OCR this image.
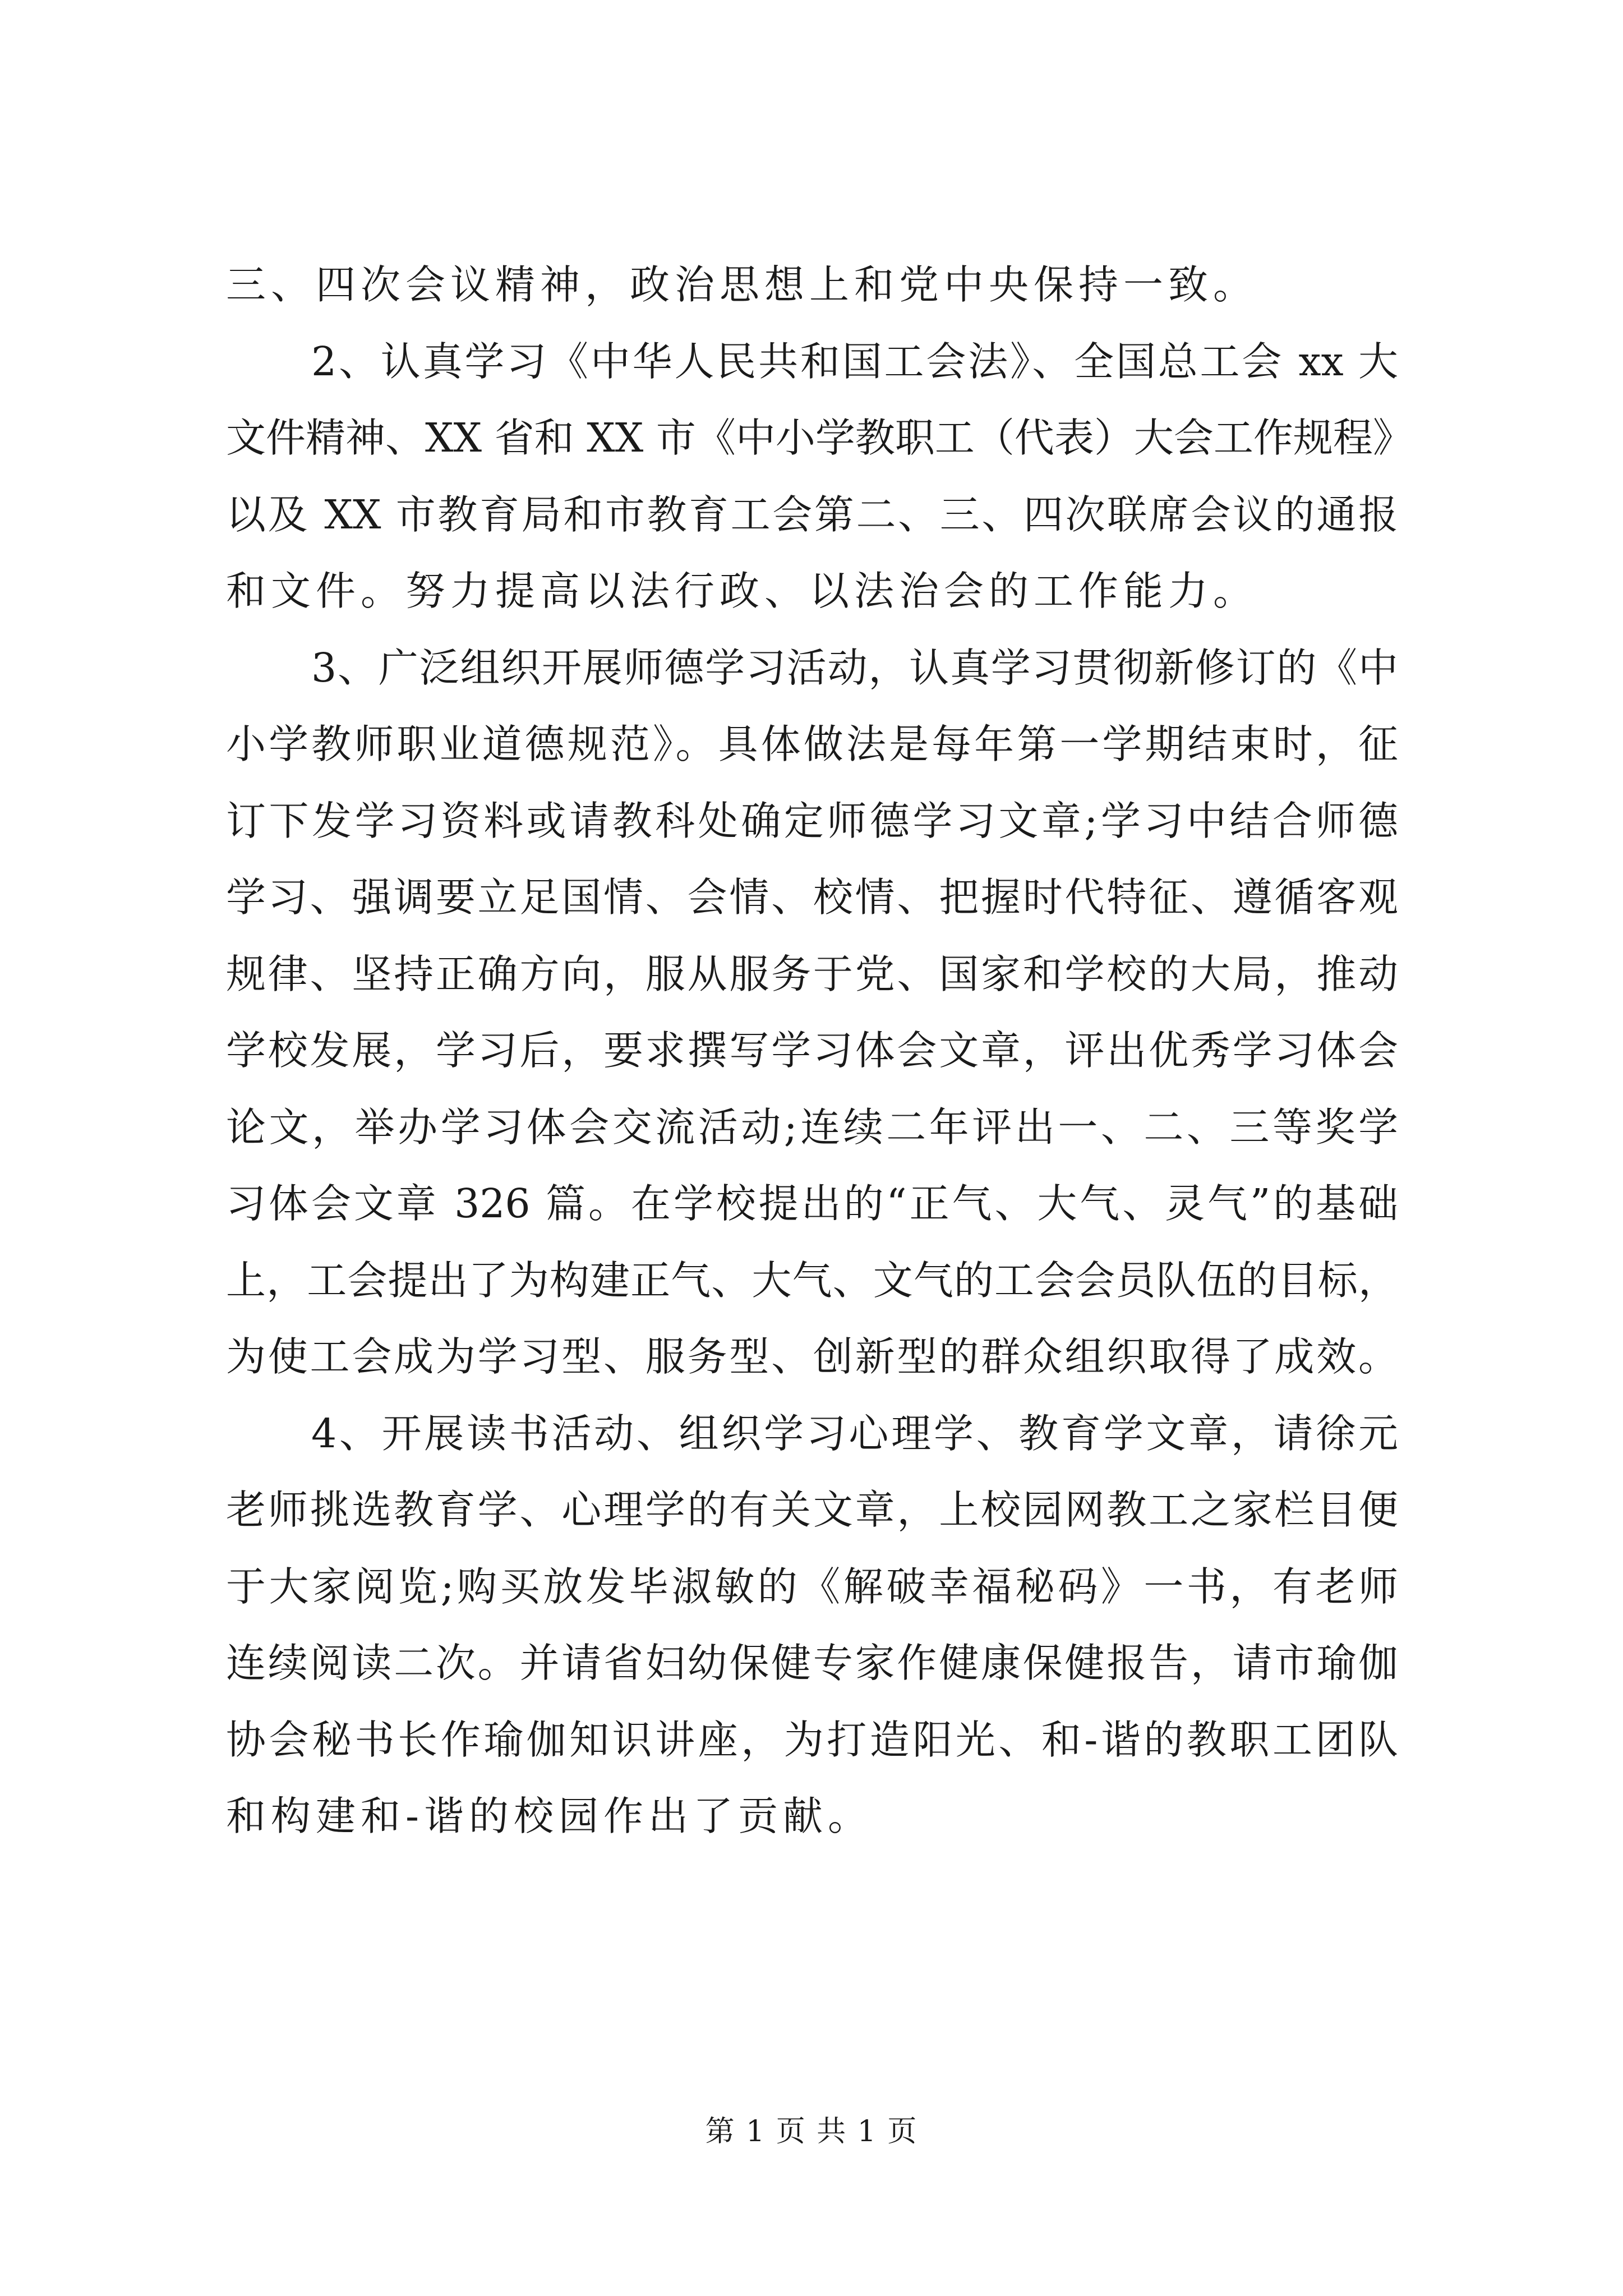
三、四次会议精神，政治思想上和党中央保持一致。
2、认真学习《中华人民共和国工会法》、全国总工会 xx 大
文件精神、XX 省和 XX 市《中小学教职工（代表）大会工作规程》
以及 XX 市教育局和市教育工会第二、三、四次联席会议的通报
和文件。努力提高以法行政、以法治会的工作能力。
3、广泛组织开展师德学习活动，认真学习贯彻新修订的《中
小学教师职业道德规范》。具体做法是每年第一学期结束时，征
订下发学习资料或请教科处确定师德学习文章;学习中结合师德
学习、强调要立足国情、会情、校情、把握时代特征、遵循客观
规律、坚持正确方向，服从服务于党、国家和学校的大局，推动
学校发展，学习后，要求撰写学习体会文章，评出优秀学习体会
论文，举办学习体会交流活动;连续二年评出一、二、三等奖学
习体会文章 326 篇。在学校提出的“正气、大气、灵气”的基础
上，工会提出了为构建正气、大气、文气的工会会员队伍的目标，
为使工会成为学习型、服务型、创新型的群众组织取得了成效。
4、开展读书活动、组织学习心理学、教育学文章，请徐元
老师挑选教育学、心理学的有关文章，上校园网教工之家栏目便
于大家阅览;购买放发毕淑敏的《解破幸福秘码》一书，有老师
连续阅读二次。并请省妇幼保健专家作健康保健报告，请市瑜伽
协会秘书长作瑜伽知识讲座，为打造阳光、和-谐的教职工团队
和构建和-谐的校园作出了贡献。
第 1 页 共 1 页
